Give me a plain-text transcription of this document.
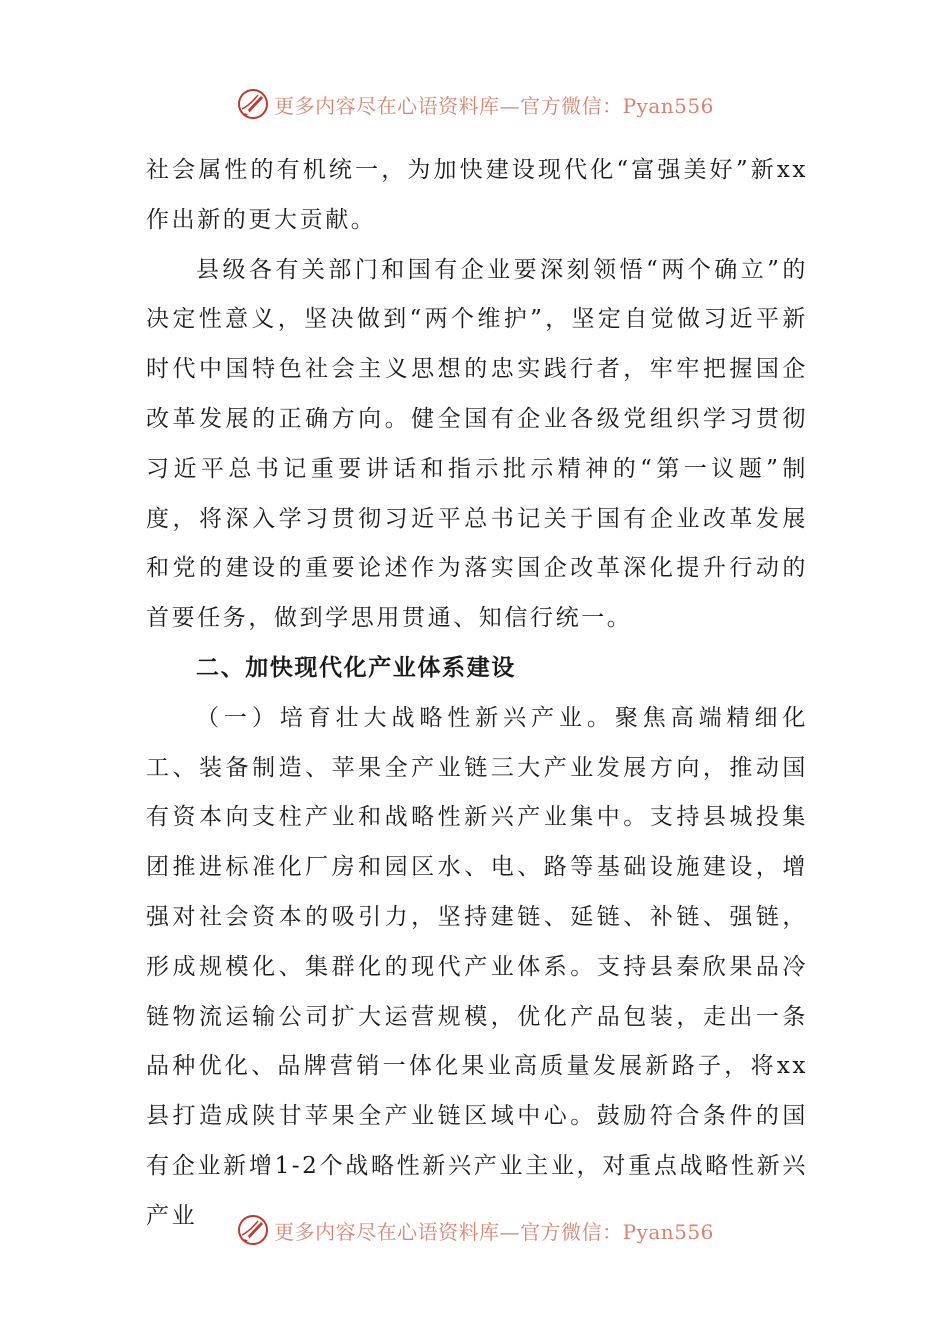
更多内容尽在心语资料库—官方微信：Pyan556

社会属性的有机统一，为加快建设现代化“富强美好”新xx作出新的更大贡献。

县级各有关部门和国有企业要深刻领悟“两个确立”的决定性意义，坚决做到“两个维护”，坚定自觉做习近平新时代中国特色社会主义思想的忠实践行者，牢牢把握国企改革发展的正确方向。健全国有企业各级党组织学习贯彻习近平总书记重要讲话和指示批示精神的“第一议题”制度，将深入学习贯彻习近平总书记关于国有企业改革发展和党的建设的重要论述作为落实国企改革深化提升行动的首要任务，做到学思用贯通、知信行统一。

二、加快现代化产业体系建设

（一）培育壮大战略性新兴产业。聚焦高端精细化工、装备制造、苹果全产业链三大产业发展方向，推动国有资本向支柱产业和战略性新兴产业集中。支持县城投集团推进标准化厂房和园区水、电、路等基础设施建设，增强对社会资本的吸引力，坚持建链、延链、补链、强链，形成规模化、集群化的现代产业体系。支持县秦欣果品冷链物流运输公司扩大运营规模，优化产品包装，走出一条品种优化、品牌营销一体化果业高质量发展新路子，将xx县打造成陕甘苹果全产业链区域中心。鼓励符合条件的国有企业新增1-2个战略性新兴产业主业，对重点战略性新兴产业

更多内容尽在心语资料库—官方微信：Pyan556
